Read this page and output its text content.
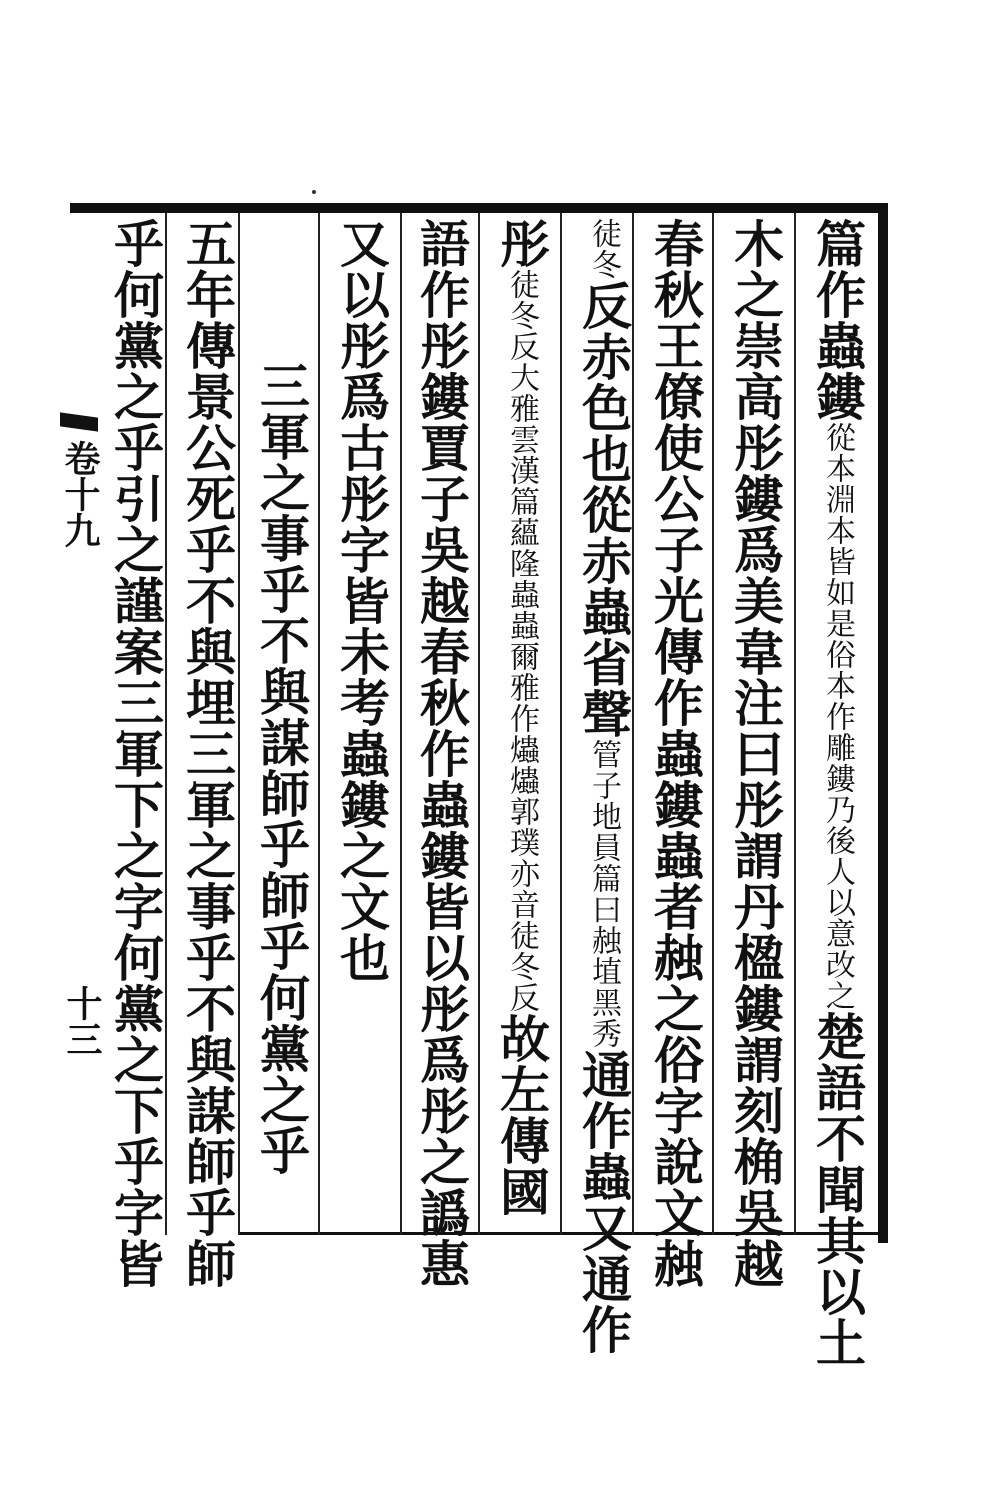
卷十九
十三
篇作蟲鏤從本淵本皆如是俗本作雕鏤乃後人以意改之楚語不聞其以土
木之崇高彤鏤爲美韋注曰彤謂丹楹鏤謂刻桷吳越
春秋王僚使公子光傳作蟲鏤蟲者赨之俗字說文赨
徒冬反赤色也從赤蟲省聲管子地員篇曰赨埴黑秀通作蟲又通作
彤徒冬反大雅雲漢篇蘊隆蟲蟲爾雅作爞爞郭璞亦音徒冬反故左傳國
語作彤鏤賈子吳越春秋作蟲鏤皆以彤爲彤之譌惠
又以彤爲古彤字皆未考蟲鏤之文也
三軍之事乎不與謀師乎師乎何黨之乎
五年傳景公死乎不與埋三軍之事乎不與謀師乎師
乎何黨之乎引之謹案三軍下之字何黨之下乎字皆
